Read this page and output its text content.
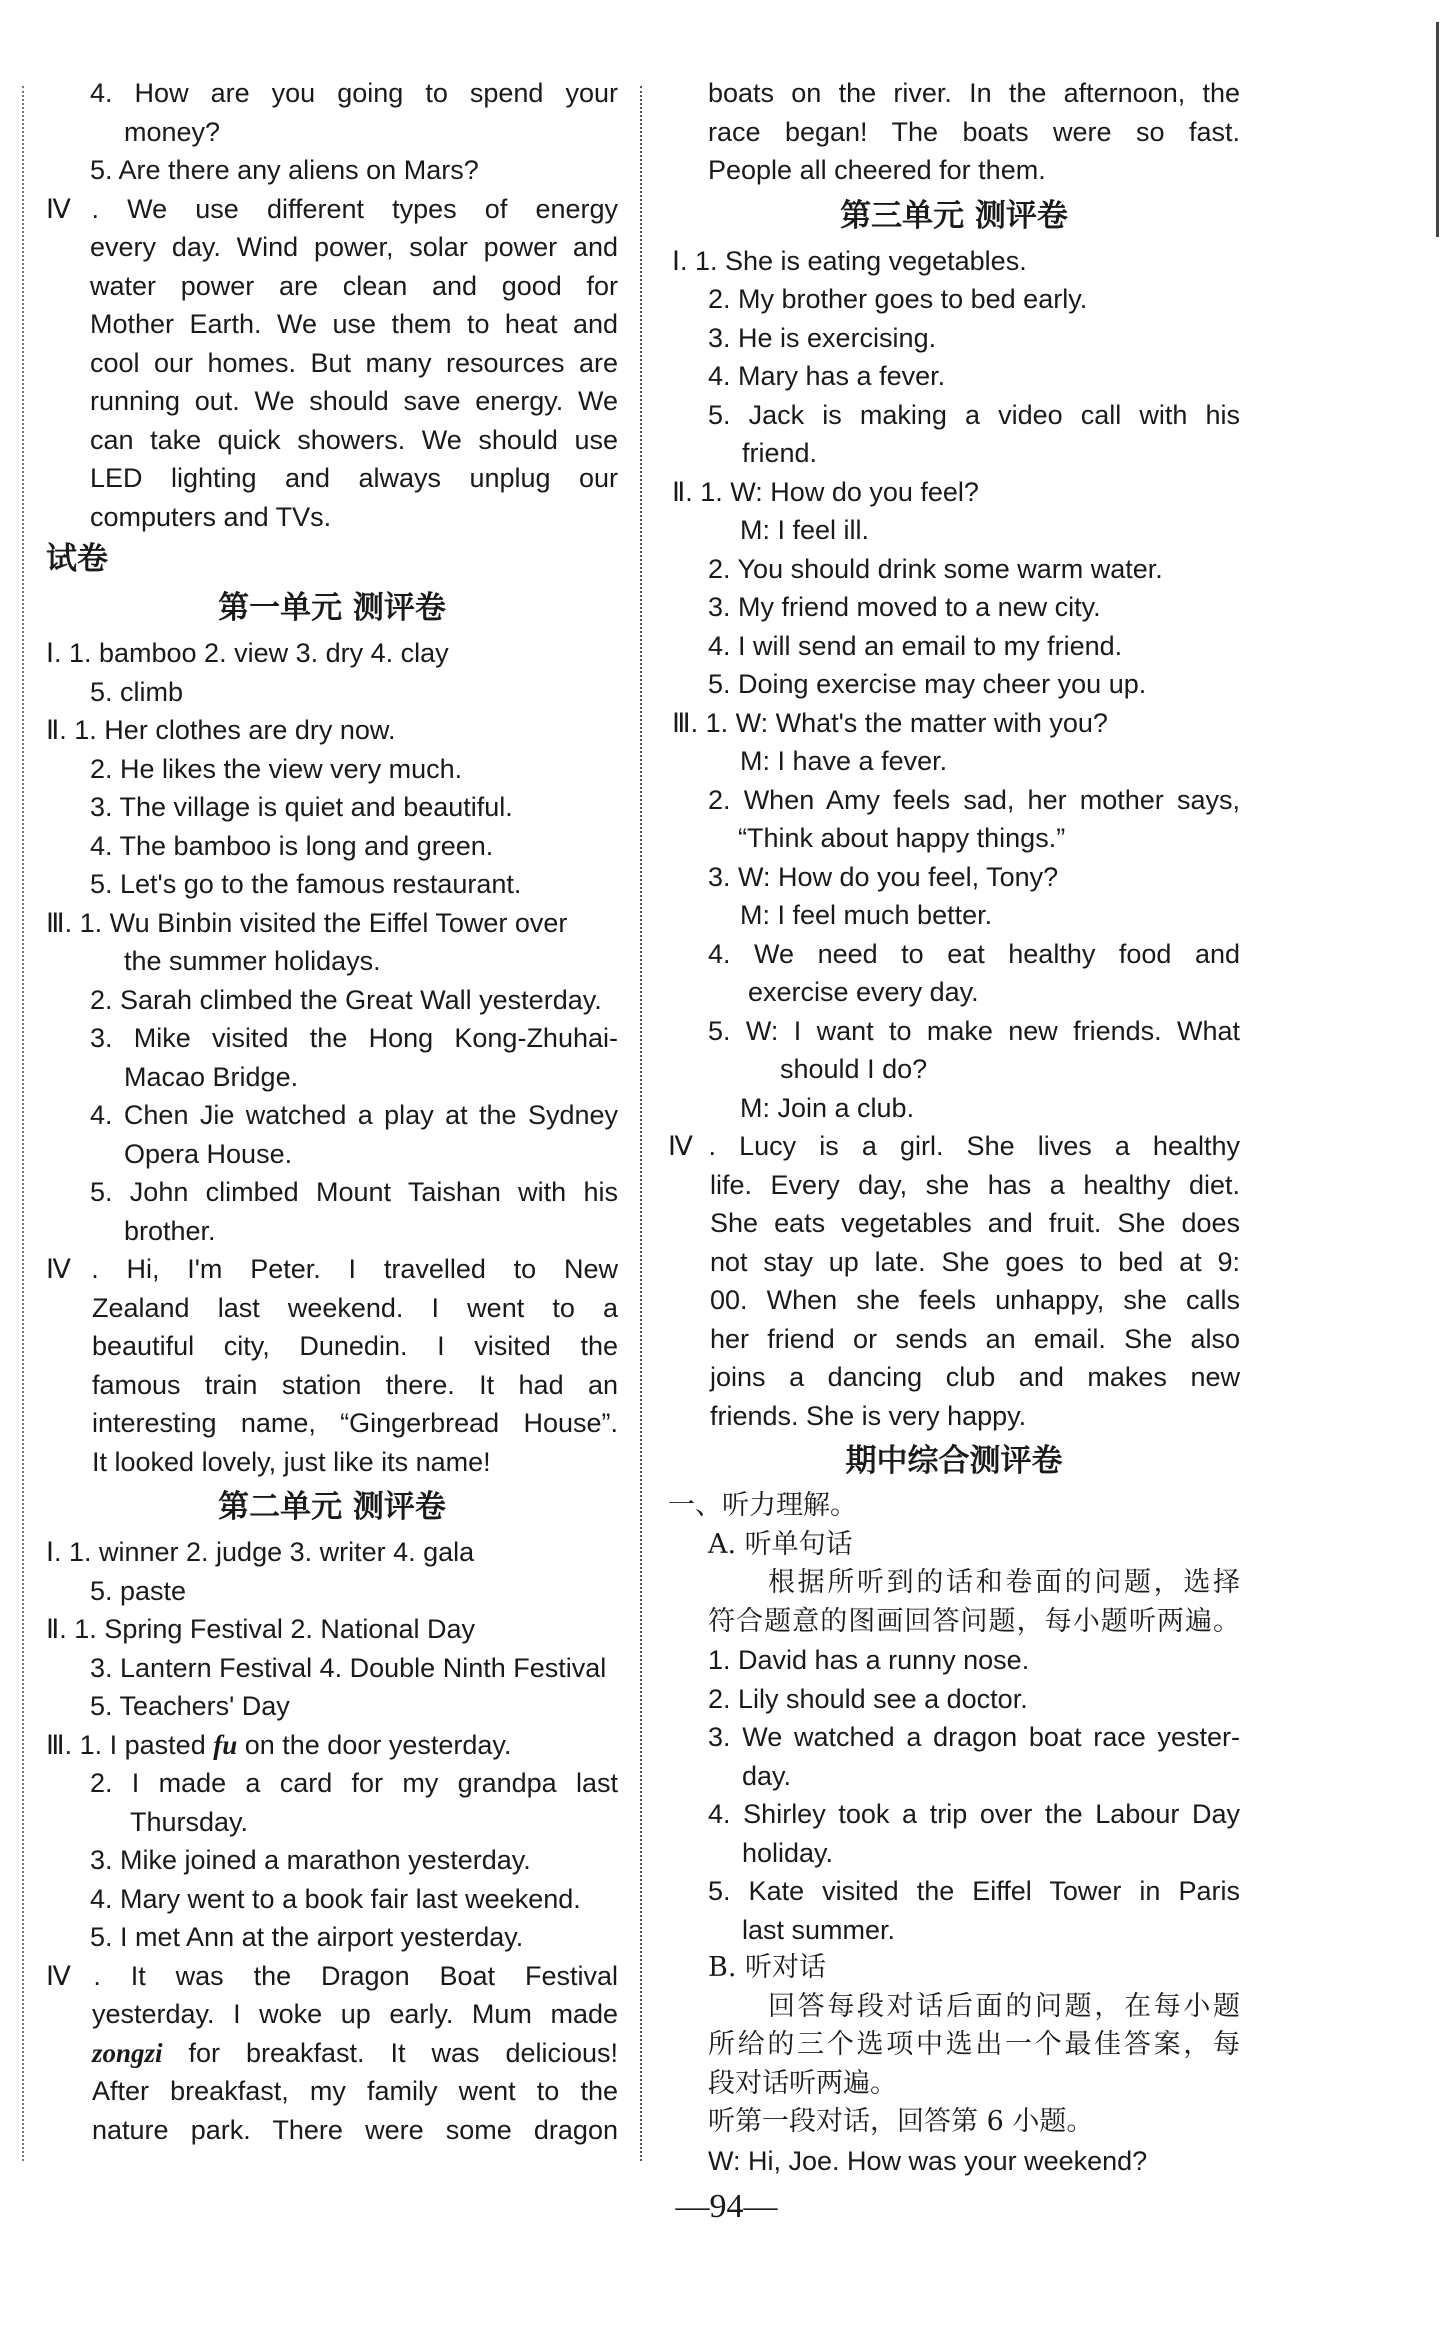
4. How are you going to spend your
money?
5. Are there any aliens on Mars?
Ⅳ. We use different types of energy
every day. Wind power, solar power and
water power are clean and good for
Mother Earth. We use them to heat and
cool our homes. But many resources are
running out. We should save energy. We
can take quick showers. We should use
LED lighting and always unplug our
computers and TVs.
试卷
第一单元 测评卷
Ⅰ. 1. bamboo 2. view 3. dry 4. clay
5. climb
Ⅱ. 1. Her clothes are dry now.
2. He likes the view very much.
3. The village is quiet and beautiful.
4. The bamboo is long and green.
5. Let's go to the famous restaurant.
Ⅲ. 1. Wu Binbin visited the Eiffel Tower over
the summer holidays.
2. Sarah climbed the Great Wall yesterday.
3. Mike visited the Hong Kong-Zhuhai-
Macao Bridge.
4. Chen Jie watched a play at the Sydney
Opera House.
5. John climbed Mount Taishan with his
brother.
Ⅳ. Hi, I'm Peter. I travelled to New
Zealand last weekend. I went to a
beautiful city, Dunedin. I visited the
famous train station there. It had an
interesting name, “Gingerbread House”.
It looked lovely, just like its name!
第二单元 测评卷
Ⅰ. 1. winner 2. judge 3. writer 4. gala
5. paste
Ⅱ. 1. Spring Festival 2. National Day
3. Lantern Festival 4. Double Ninth Festival
5. Teachers' Day
Ⅲ. 1. I pasted fu on the door yesterday.
2. I made a card for my grandpa last
Thursday.
3. Mike joined a marathon yesterday.
4. Mary went to a book fair last weekend.
5. I met Ann at the airport yesterday.
Ⅳ. It was the Dragon Boat Festival
yesterday. I woke up early. Mum made
zongzi for breakfast. It was delicious!
After breakfast, my family went to the
nature park. There were some dragon
boats on the river. In the afternoon, the
race began! The boats were so fast.
People all cheered for them.
第三单元 测评卷
Ⅰ. 1. She is eating vegetables.
2. My brother goes to bed early.
3. He is exercising.
4. Mary has a fever.
5. Jack is making a video call with his
friend.
Ⅱ. 1. W: How do you feel?
M: I feel ill.
2. You should drink some warm water.
3. My friend moved to a new city.
4. I will send an email to my friend.
5. Doing exercise may cheer you up.
Ⅲ. 1. W: What's the matter with you?
M: I have a fever.
2. When Amy feels sad, her mother says,
“Think about happy things.”
3. W: How do you feel, Tony?
M: I feel much better.
4. We need to eat healthy food and
exercise every day.
5. W: I want to make new friends. What
should I do?
M: Join a club.
Ⅳ. Lucy is a girl. She lives a healthy
life. Every day, she has a healthy diet.
She eats vegetables and fruit. She does
not stay up late. She goes to bed at 9:
00. When she feels unhappy, she calls
her friend or sends an email. She also
joins a dancing club and makes new
friends. She is very happy.
期中综合测评卷
一、听力理解。
A. 听单句话
根据所听到的话和卷面的问题，选择
符合题意的图画回答问题，每小题听两遍。
1. David has a runny nose.
2. Lily should see a doctor.
3. We watched a dragon boat race yester-
day.
4. Shirley took a trip over the Labour Day
holiday.
5. Kate visited the Eiffel Tower in Paris
last summer.
B. 听对话
回答每段对话后面的问题，在每小题
所给的三个选项中选出一个最佳答案，每
段对话听两遍。
听第一段对话，回答第 6 小题。
W: Hi, Joe. How was your weekend?
—94—
